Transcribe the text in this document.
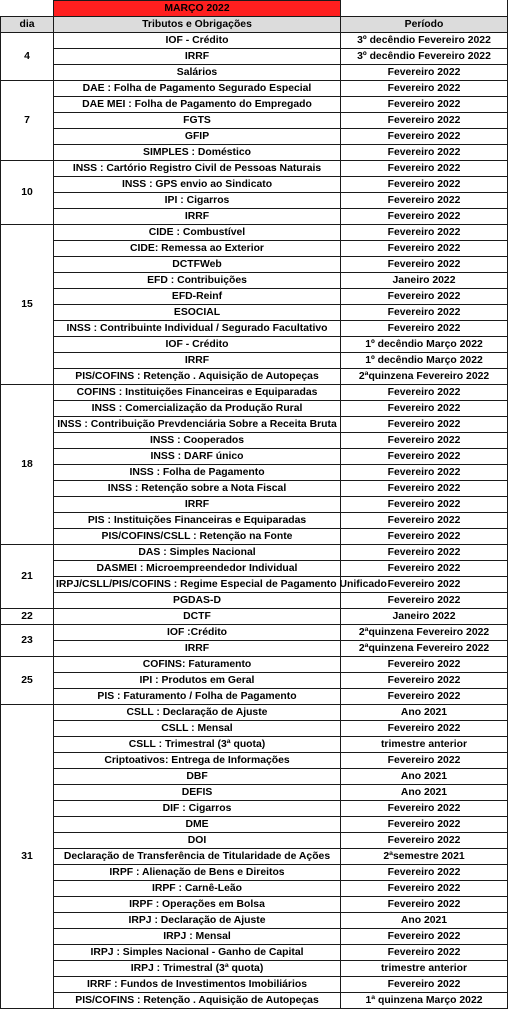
	MARÇO 2022	
dia	Tributos e Obrigações	Período
4	IOF - Crédito	3º decêndio Fevereiro 2022
	IRRF	3º decêndio Fevereiro 2022
	Salários	Fevereiro 2022
7	DAE : Folha de Pagamento Segurado Especial	Fevereiro 2022
	DAE MEI : Folha de Pagamento do Empregado	Fevereiro 2022
	FGTS	Fevereiro 2022
	GFIP	Fevereiro 2022
	SIMPLES : Doméstico	Fevereiro 2022
10	INSS : Cartório Registro Civil de Pessoas Naturais	Fevereiro 2022
	INSS : GPS envio ao Sindicato	Fevereiro 2022
	IPI : Cigarros	Fevereiro 2022
	IRRF	Fevereiro 2022
15	CIDE : Combustível	Fevereiro 2022
	CIDE: Remessa ao Exterior	Fevereiro 2022
	DCTFWeb	Fevereiro 2022
	EFD : Contribuições	Janeiro 2022
	EFD-Reinf	Fevereiro 2022
	ESOCIAL	Fevereiro 2022
	INSS : Contribuinte Individual / Segurado Facultativo	Fevereiro 2022
	IOF - Crédito	1º decêndio Março 2022
	IRRF	1º decêndio Março 2022
	PIS/COFINS : Retenção . Aquisição de Autopeças	2ªquinzena Fevereiro 2022
18	COFINS : Instituições Financeiras e Equiparadas	Fevereiro 2022
	INSS : Comercialização da Produção Rural	Fevereiro 2022
	INSS : Contribuição Prevdenciária Sobre a Receita Bruta	Fevereiro 2022
	INSS : Cooperados	Fevereiro 2022
	INSS : DARF único	Fevereiro 2022
	INSS : Folha de Pagamento	Fevereiro 2022
	INSS : Retenção sobre a Nota Fiscal	Fevereiro 2022
	IRRF	Fevereiro 2022
	PIS : Instituições Financeiras e Equiparadas	Fevereiro 2022
	PIS/COFINS/CSLL : Retenção na Fonte	Fevereiro 2022
21	DAS : Simples Nacional	Fevereiro 2022
	DASMEI : Microempreendedor Individual	Fevereiro 2022
	IRPJ/CSLL/PIS/COFINS : Regime Especial de Pagamento Unificado	Fevereiro 2022
	PGDAS-D	Fevereiro 2022
22	DCTF	Janeiro 2022
23	IOF :Crédito	2ªquinzena Fevereiro 2022
	IRRF	2ªquinzena Fevereiro 2022
25	COFINS: Faturamento	Fevereiro 2022
	IPI : Produtos em Geral	Fevereiro 2022
	PIS : Faturamento / Folha de Pagamento	Fevereiro 2022
31	CSLL : Declaração de Ajuste	Ano 2021
	CSLL : Mensal	Fevereiro 2022
	CSLL : Trimestral (3ª quota)	trimestre anterior
	Criptoativos: Entrega de Informações	Fevereiro 2022
	DBF	Ano 2021
	DEFIS	Ano 2021
	DIF : Cigarros	Fevereiro 2022
	DME	Fevereiro 2022
	DOI	Fevereiro 2022
	Declaração de Transferência de Titularidade de Ações	2ªsemestre 2021
	IRPF : Alienação de Bens e Direitos	Fevereiro 2022
	IRPF : Carnê-Leão	Fevereiro 2022
	IRPF : Operações em Bolsa	Fevereiro 2022
	IRPJ : Declaração de Ajuste	Ano 2021
	IRPJ : Mensal	Fevereiro 2022
	IRPJ : Simples Nacional - Ganho de Capital	Fevereiro 2022
	IRPJ : Trimestral (3ª quota)	trimestre anterior
	IRRF : Fundos de Investimentos Imobiliários	Fevereiro 2022
	PIS/COFINS : Retenção . Aquisição de Autopeças	1ª quinzena Março 2022
